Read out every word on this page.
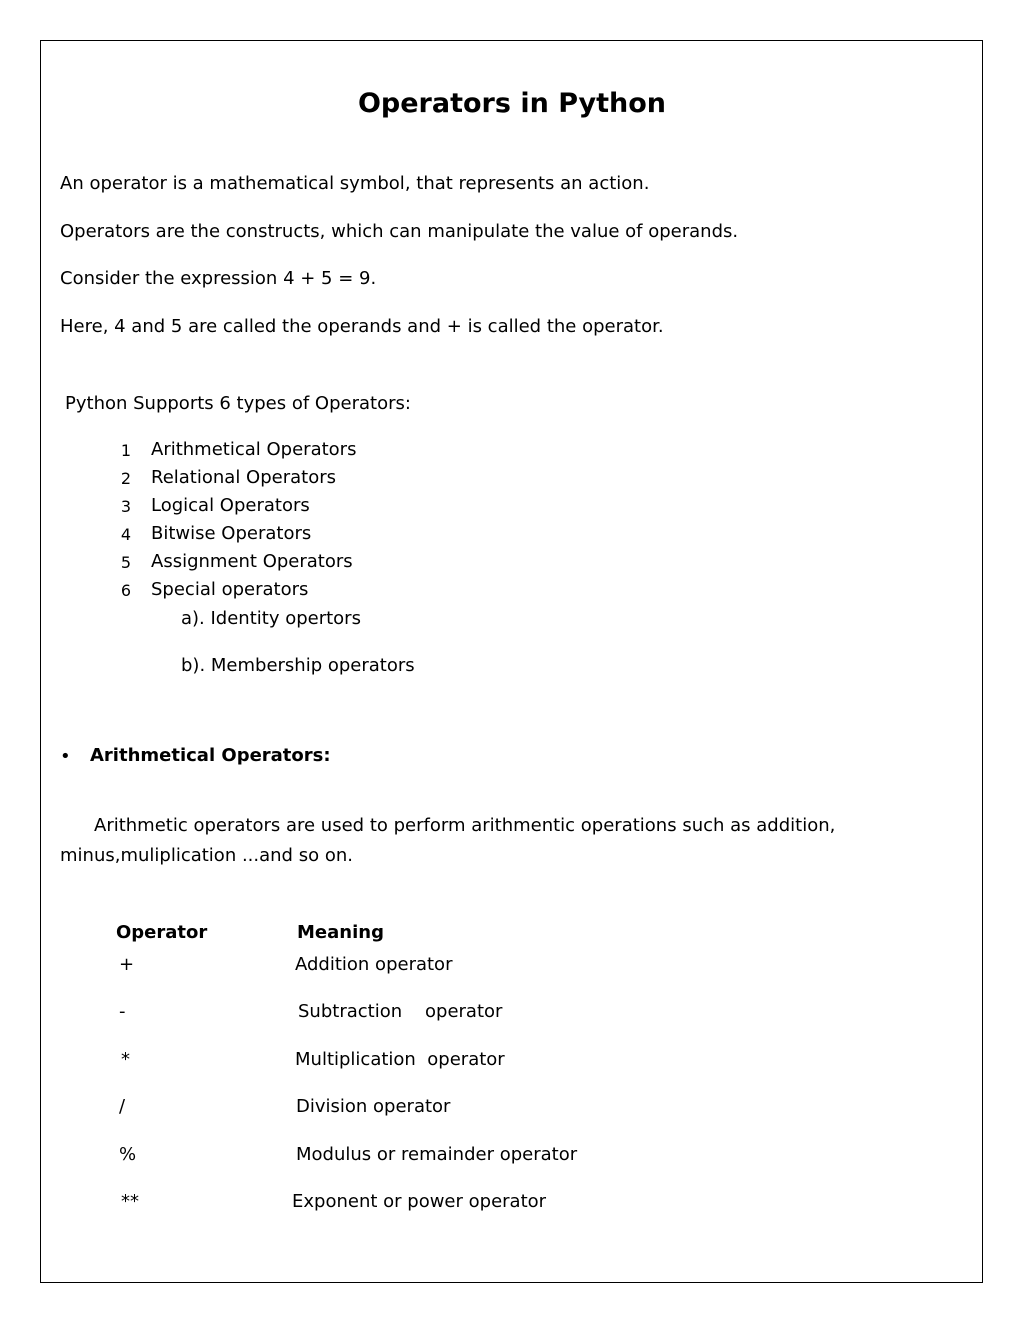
Operators in Python
An operator is a mathematical symbol, that represents an action.
Operators are the constructs, which can manipulate the value of operands.
Consider the expression 4 + 5 = 9.
Here, 4 and 5 are called the operands and + is called the operator.
Python Supports 6 types of Operators:
1 Arithmetical Operators
2 Relational Operators
3 Logical Operators
4 Bitwise Operators
5 Assignment Operators
6 Special operators
a). Identity opertors
b). Membership operators
• Arithmetical Operators:
Arithmetic operators are used to perform arithmentic operations such as addition,
minus,muliplication ...and so on.
Operator	Meaning
+	Addition operator
-	Subtraction    operator
*	Multiplication  operator
/	Division operator
%	Modulus or remainder operator
**	Exponent or power operator
